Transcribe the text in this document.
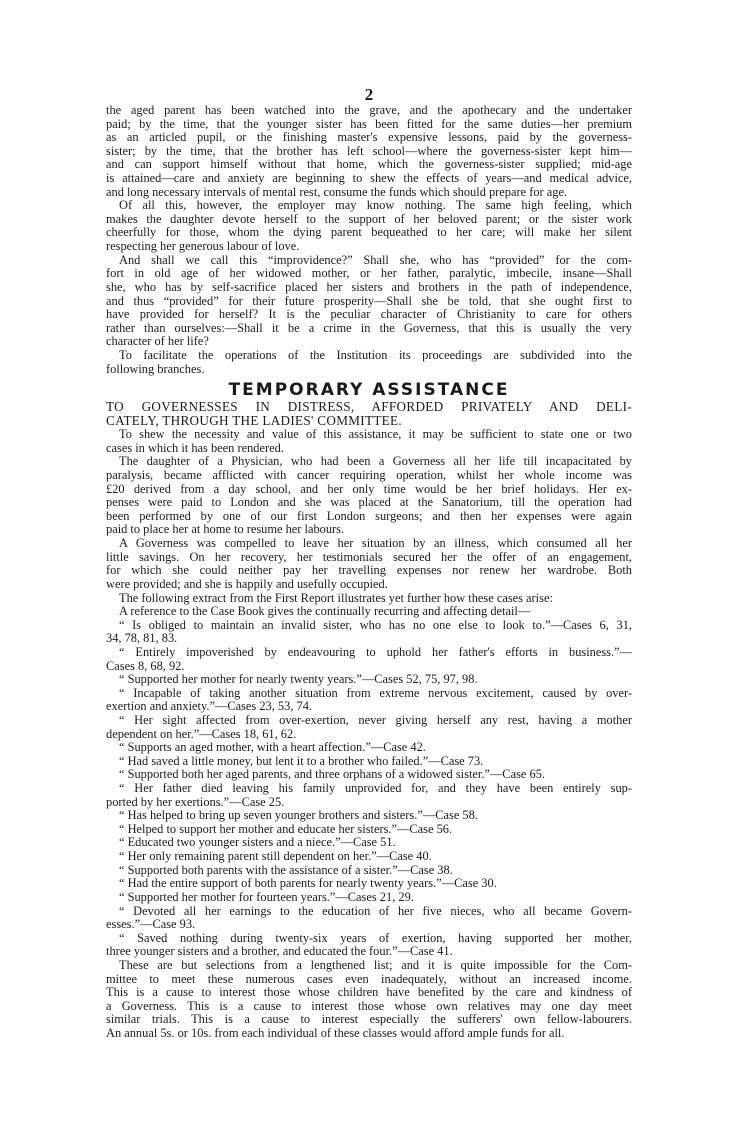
2
the aged parent has been watched into the grave, and the apothecary and the undertaker
paid; by the time, that the younger sister has been fitted for the same duties—her premium
as an articled pupil, or the finishing master's expensive lessons, paid by the governess-
sister; by the time, that the brother has left school—where the governess-sister kept him—
and can support himself without that home, which the governess-sister supplied; mid-age
is attained—care and anxiety are beginning to shew the effects of years—and medical advice,
and long necessary intervals of mental rest, consume the funds which should prepare for age.
Of all this, however, the employer may know nothing. The same high feeling, which
makes the daughter devote herself to the support of her beloved parent; or the sister work
cheerfully for those, whom the dying parent bequeathed to her care; will make her silent
respecting her generous labour of love.
And shall we call this “improvidence?” Shall she, who has “provided” for the com-
fort in old age of her widowed mother, or her father, paralytic, imbecile, insane—Shall
she, who has by self-sacrifice placed her sisters and brothers in the path of independence,
and thus “provided” for their future prosperity—Shall she be told, that she ought first to
have provided for herself? It is the peculiar character of Christianity to care for others
rather than ourselves:—Shall it be a crime in the Governess, that this is usually the very
character of her life?
To facilitate the operations of the Institution its proceedings are subdivided into the
following branches.
TEMPORARY ASSISTANCE
TO GOVERNESSES IN DISTRESS, AFFORDED PRIVATELY AND DELI-
CATELY, THROUGH THE LADIES' COMMITTEE.
To shew the necessity and value of this assistance, it may be sufficient to state one or two
cases in which it has been rendered.
The daughter of a Physician, who had been a Governess all her life till incapacitated by
paralysis, became afflicted with cancer requiring operation, whilst her whole income was
£20 derived from a day school, and her only time would be her brief holidays. Her ex-
penses were paid to London and she was placed at the Sanatorium, till the operation had
been performed by one of our first London surgeons; and then her expenses were again
paid to place her at home to resume her labours.
A Governess was compelled to leave her situation by an illness, which consumed all her
little savings. On her recovery, her testimonials secured her the offer of an engagement,
for which she could neither pay her travelling expenses nor renew her wardrobe. Both
were provided; and she is happily and usefully occupied.
The following extract from the First Report illustrates yet further how these cases arise:
A reference to the Case Book gives the continually recurring and affecting detail—
“ Is obliged to maintain an invalid sister, who has no one else to look to.”—Cases 6, 31,
34, 78, 81, 83.
“ Entirely impoverished by endeavouring to uphold her father's efforts in business.”—
Cases 8, 68, 92.
“ Supported her mother for nearly twenty years.”—Cases 52, 75, 97, 98.
“ Incapable of taking another situation from extreme nervous excitement, caused by over-
exertion and anxiety.”—Cases 23, 53, 74.
“ Her sight affected from over-exertion, never giving herself any rest, having a mother
dependent on her.”—Cases 18, 61, 62.
“ Supports an aged mother, with a heart affection.”—Case 42.
“ Had saved a little money, but lent it to a brother who failed.”—Case 73.
“ Supported both her aged parents, and three orphans of a widowed sister.”—Case 65.
“ Her father died leaving his family unprovided for, and they have been entirely sup-
ported by her exertions.”—Case 25.
“ Has helped to bring up seven younger brothers and sisters.”—Case 58.
“ Helped to support her mother and educate her sisters.”—Case 56.
“ Educated two younger sisters and a niece.”—Case 51.
“ Her only remaining parent still dependent on her.”—Case 40.
“ Supported both parents with the assistance of a sister.”—Case 38.
“ Had the entire support of both parents for nearly twenty years.”—Case 30.
“ Supported her mother for fourteen years.”—Cases 21, 29.
“ Devoted all her earnings to the education of her five nieces, who all became Govern-
esses.”—Case 93.
“ Saved nothing during twenty-six years of exertion, having supported her mother,
three younger sisters and a brother, and educated the four.”—Case 41.
These are but selections from a lengthened list; and it is quite impossible for the Com-
mittee to meet these numerous cases even inadequately, without an increased income.
This is a cause to interest those whose children have benefited by the care and kindness of
a Governess. This is a cause to interest those whose own relatives may one day meet
similar trials. This is a cause to interest especially the sufferers' own fellow-labourers.
An annual 5s. or 10s. from each individual of these classes would afford ample funds for all.
